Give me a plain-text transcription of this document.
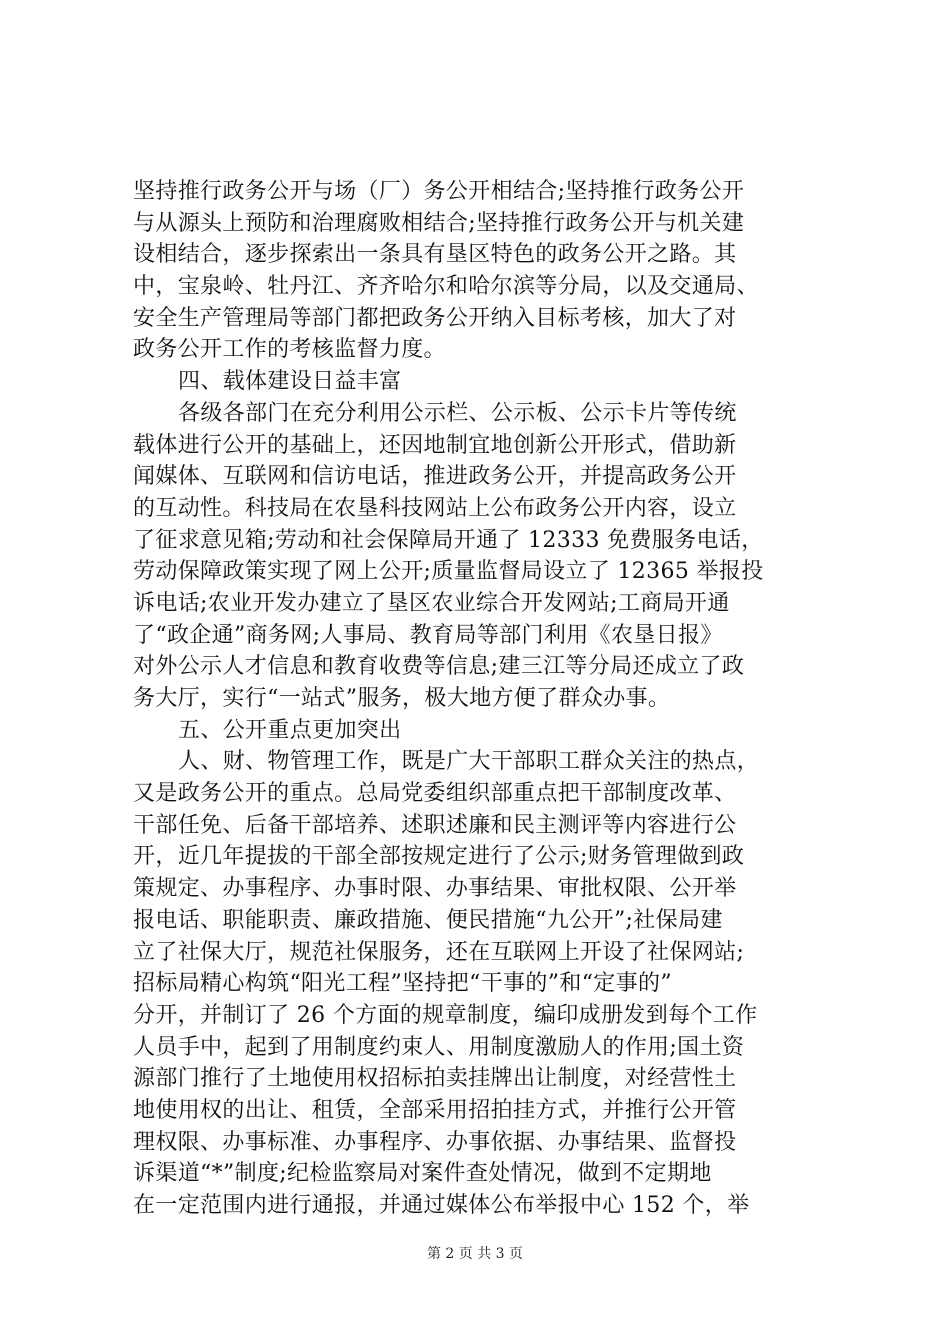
坚持推行政务公开与场（厂）务公开相结合;坚持推行政务公开
与从源头上预防和治理腐败相结合;坚持推行政务公开与机关建
设相结合，逐步探索出一条具有垦区特色的政务公开之路。其
中，宝泉岭、牡丹江、齐齐哈尔和哈尔滨等分局，以及交通局、
安全生产管理局等部门都把政务公开纳入目标考核，加大了对
政务公开工作的考核监督力度。
四、载体建设日益丰富
各级各部门在充分利用公示栏、公示板、公示卡片等传统
载体进行公开的基础上，还因地制宜地创新公开形式，借助新
闻媒体、互联网和信访电话，推进政务公开，并提高政务公开
的互动性。科技局在农垦科技网站上公布政务公开内容，设立
了征求意见箱;劳动和社会保障局开通了 12333 免费服务电话，
劳动保障政策实现了网上公开;质量监督局设立了 12365 举报投
诉电话;农业开发办建立了垦区农业综合开发网站;工商局开通
了“政企通”商务网;人事局、教育局等部门利用《农垦日报》
对外公示人才信息和教育收费等信息;建三江等分局还成立了政
务大厅，实行“一站式”服务，极大地方便了群众办事。
五、公开重点更加突出
人、财、物管理工作，既是广大干部职工群众关注的热点，
又是政务公开的重点。总局党委组织部重点把干部制度改革、
干部任免、后备干部培养、述职述廉和民主测评等内容进行公
开，近几年提拔的干部全部按规定进行了公示;财务管理做到政
策规定、办事程序、办事时限、办事结果、审批权限、公开举
报电话、职能职责、廉政措施、便民措施“九公开”;社保局建
立了社保大厅，规范社保服务，还在互联网上开设了社保网站;
招标局精心构筑“阳光工程”坚持把“干事的”和“定事的”
分开，并制订了 26 个方面的规章制度，编印成册发到每个工作
人员手中，起到了用制度约束人、用制度激励人的作用;国土资
源部门推行了土地使用权招标拍卖挂牌出让制度，对经营性土
地使用权的出让、租赁，全部采用招拍挂方式，并推行公开管
理权限、办事标准、办事程序、办事依据、办事结果、监督投
诉渠道“*”制度;纪检监察局对案件查处情况，做到不定期地
在一定范围内进行通报，并通过媒体公布举报中心 152 个，举
第 2 页 共 3 页
